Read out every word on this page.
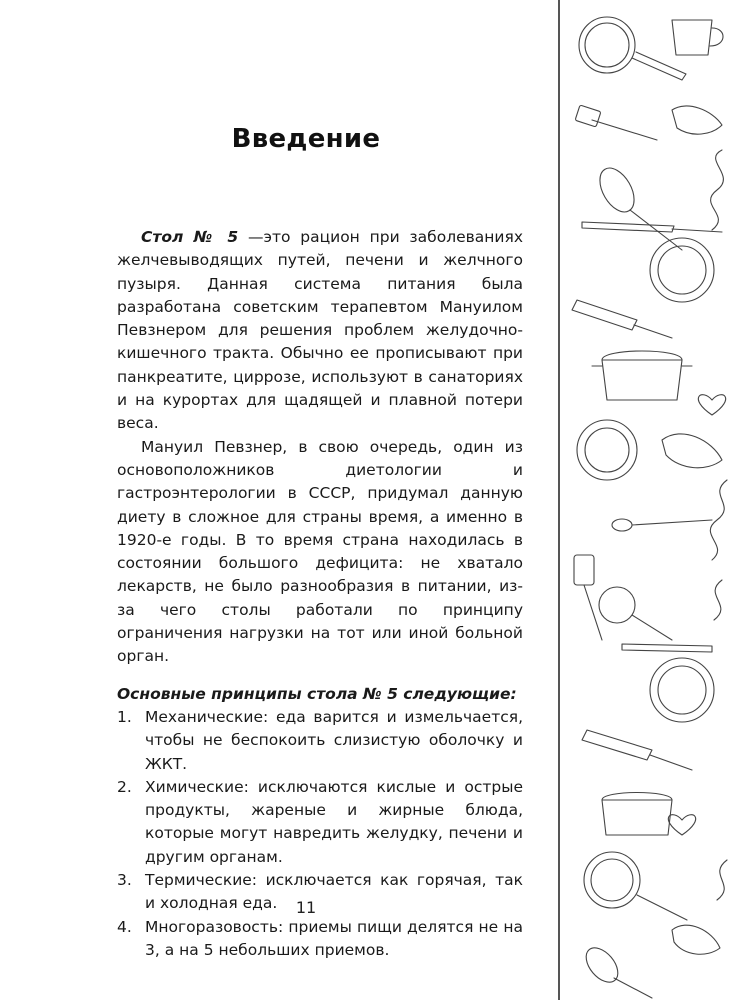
Введение

Стол № 5 —это рацион при заболеваниях желчевыводящих путей, печени и желчного пузыря. Данная система питания была разработана советским терапевтом Мануилом Певзнером для решения проблем желудочно-кишечного тракта. Обычно ее прописывают при панкреатите, циррозе, используют в санаториях и на курортах для щадящей и плавной потери веса.

Мануил Певзнер, в свою очередь, один из основоположников диетологии и гастроэнтерологии в СССР, придумал данную диету в сложное для страны время, а именно в 1920-е годы. В то время страна находилась в состоянии большого дефицита: не хватало лекарств, не было разнообразия в питании, из-за чего столы работали по принципу ограничения нагрузки на тот или иной больной орган.

Основные принципы стола № 5 следующие:

1. Механические: еда варится и измельчается, чтобы не беспокоить слизистую оболочку и ЖКТ.
2. Химические: исключаются кислые и острые продукты, жареные и жирные блюда, которые могут навредить желудку, печени и другим органам.
3. Термические: исключается как горячая, так и холодная еда.
4. Многоразовость: приемы пищи делятся не на 3, а на 5 небольших приемов.
11
